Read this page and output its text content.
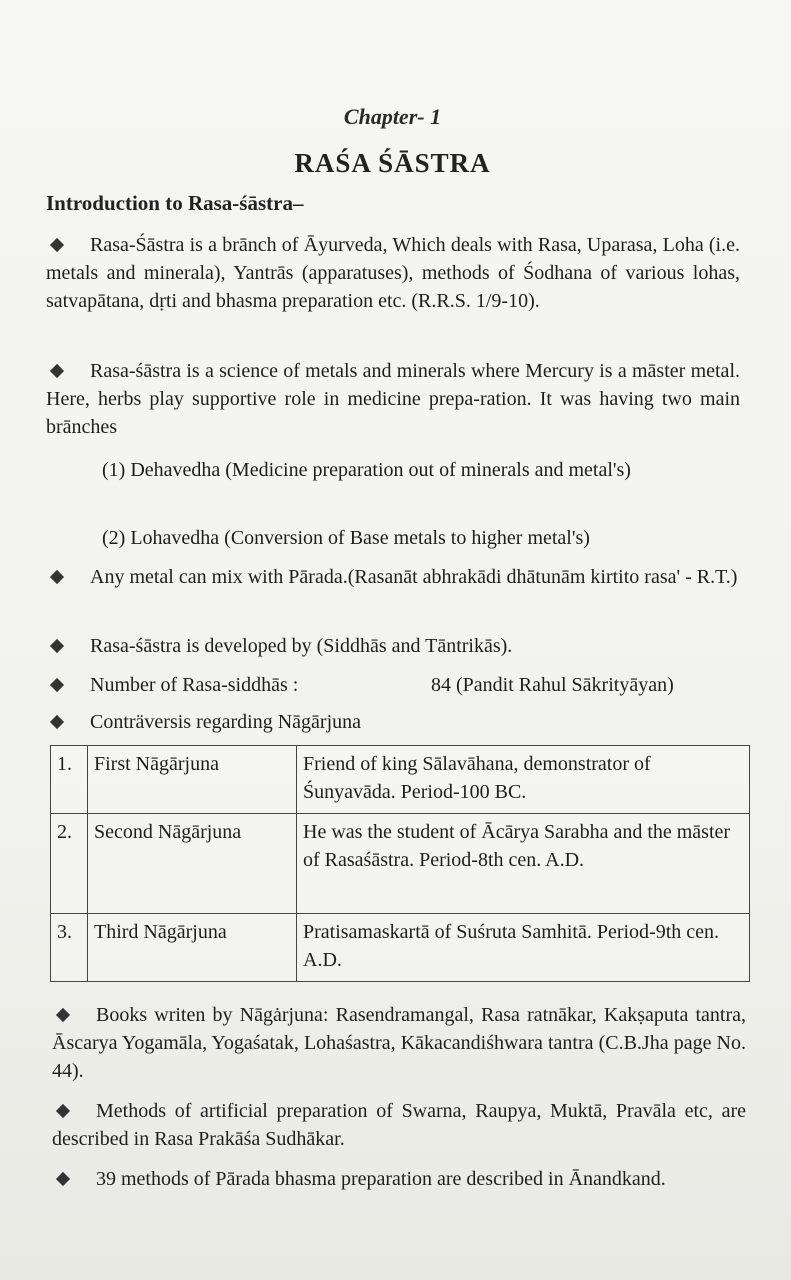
Chapter- 1
RAŚA ŚĀSTRA
Introduction to Rasa-śāstra–
Rasa-Śāstra is a brānch of Āyurveda, Which deals with Rasa, Uparasa, Loha (i.e. metals and minerala), Yantrās (apparatuses), methods of Śodhana of various lohas, satvapātana, dṛti and bhasma preparation etc. (R.R.S. 1/9-10).
Rasa-śāstra is a science of metals and minerals where Mercury is a māster metal. Here, herbs play supportive role in medicine prepa-ration. It was having two main brānches
(1) Dehavedha (Medicine preparation out of minerals and metal's)
(2) Lohavedha (Conversion of Base metals to higher metal's)
Any metal can mix with Pārada.(Rasanāt abhrakādi dhātunām kirtito rasa' - R.T.)
Rasa-śāstra is developed by (Siddhās and Tāntrikās).
Number of Rasa-siddhās :	84 (Pandit Rahul Sākrityāyan)
Conträversis regarding Nāgārjuna
1.	First Nāgārjuna	Friend of king Sālavāhana, demonstrator of Śunyavāda. Period-100 BC.
2.	Second Nāgārjuna	He was the student of Ācārya Sarabha and the māster of Rasaśāstra. Period-8th cen. A.D.
3.	Third Nāgārjuna	Pratisamaskartā of Suśruta Samhitā. Period-9th cen. A.D.
Books writen by Nāgȧrjuna: Rasendramangal, Rasa ratnākar, Kakṣaputa tantra, Āscarya Yogamāla, Yogaśatak, Lohaśastra, Kākacandiśhwara tantra (C.B.Jha page No. 44).
Methods of artificial preparation of Swarna, Raupya, Muktā, Pravāla etc, are described in Rasa Prakāśa Sudhākar.
39 methods of Pārada bhasma preparation are described in Ānandkand.
